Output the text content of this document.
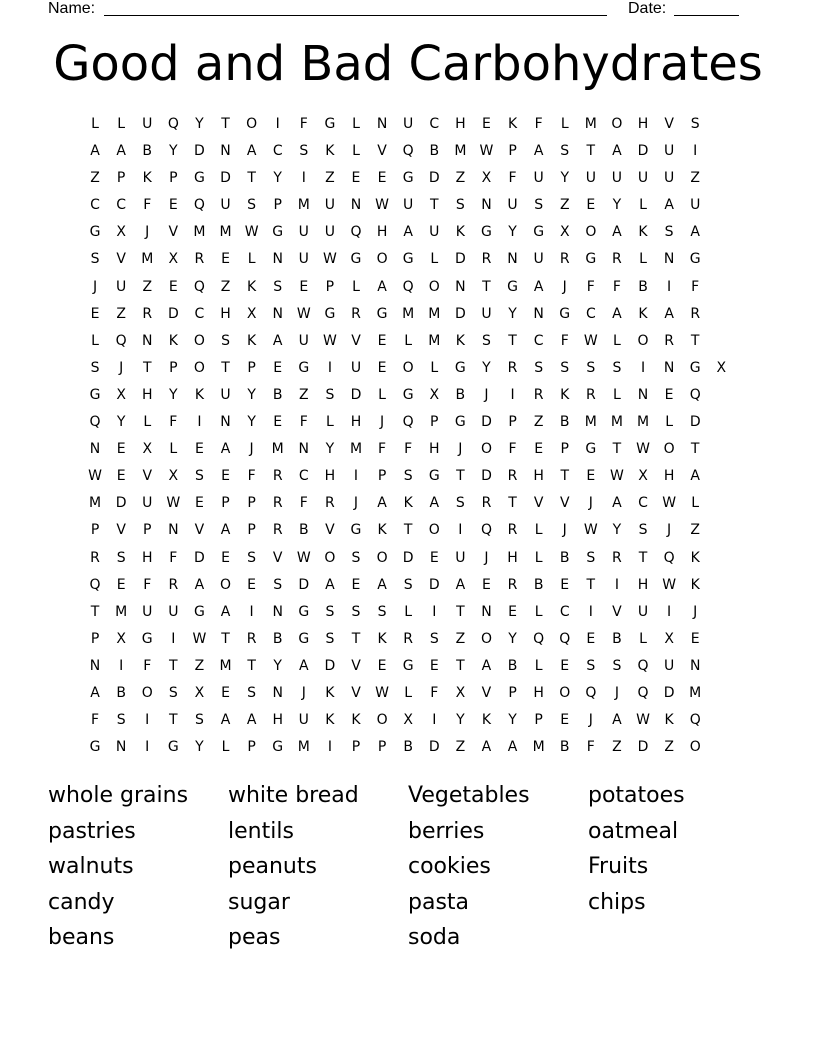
Name:	Date:
Good and Bad Carbohydrates
L	L	U	Q	Y	T	O	I	F	G	L	N	U	C	H	E	K	F	L	M	O	H	V	S
A	A	B	Y	D	N	A	C	S	K	L	V	Q	B	M W	P	A	S	T	A	D	U	I
Z	P	K	P	G	D	T	Y	I	Z	E	E	G	D	Z	X	F	U	Y	U	U	U	U	Z
C	C	F	E	Q	U	S	P	M	U	N W	U	T	S	N	U	S	Z	E	Y	L	A	U
G	X	J	V	M	M W G	U	U	Q	H	A	U	K	G	Y	G	X	O	A	K	S	A
S	V	M	X	R	E	L	N	U	W G	O	G	L	D	R	N	U	R	G	R	L	N	G
J	U	Z	E	Q	Z	K	S	E	P	L	A	Q	O	N	T	G	A	J	F	F	B	I	F
E	Z	R	D	C	H	X	N W G	R	G	M	M	D	U	Y	N	G	C	A	K	A	R
L	Q	N	K	O	S	K	A	U	W	V	E	L	M	K	S	T	C	F	W	L	O	R	T
S	J	T	P	O	T	P	E	G	I	U	E	O	L	G	Y	R	S	S	S	S	I	N	G	X
G	X	H	Y	K	U	Y	B	Z	S	D	L	G	X	B	J	I	R	K	R	L	N	E	Q
Q	Y	L	F	I	N	Y	E	F	L	H	J	Q	P	G	D	P	Z	B	M	M	M	L	D
N	E	X	L	E	A	J	M	N	Y	M	F	F	H	J	O	F	E	P	G	T	W O	T
W	E	V	X	S	E	F	R	C	H	I	P	S	G	T	D	R	H	T	E	W	X	H	A
M	D	U	W	E	P	P	R	F	R	J	A	K	A	S	R	T	V	V	J	A	C	W	L
P	V	P	N	V	A	P	R	B	V	G	K	T	O	I	Q	R	L	J	W	Y	S	J	Z
R	S	H	F	D	E	S	V	W O	S	O	D	E	U	J	H	L	B	S	R	T	Q	K
Q	E	F	R	A	O	E	S	D	A	E	A	S	D	A	E	R	B	E	T	I	H W	K
T	M	U	U	G	A	I	N	G	S	S	S	L	I	T	N	E	L	C	I	V	U	I	J
P	X	G	I	W	T	R	B	G	S	T	K	R	S	Z	O	Y	Q	Q	E	B	L	X	E
N	I	F	T	Z	M	T	Y	A	D	V	E	G	E	T	A	B	L	E	S	S	Q	U	N
A	B	O	S	X	E	S	N	J	K	V	W	L	F	X	V	P	H	O	Q	J	Q	D	M
F	S	I	T	S	A	A	H	U	K	K	O	X	I	Y	K	Y	P	E	J	A	W	K	Q
G	N	I	G	Y	L	P	G	M	I	P	P	B	D	Z	A	A	M	B	F	Z	D	Z	O
whole grains	white bread	Vegetables	potatoes
pastries	lentils	berries	oatmeal
walnuts	peanuts	cookies	Fruits
candy	sugar	pasta	chips
beans	peas	soda
